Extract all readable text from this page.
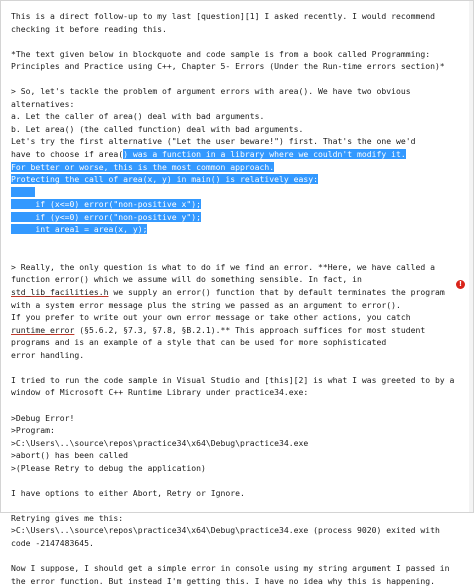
This is a direct follow-up to my last [question][1] I asked recently. I would recommend
checking it before reading this.
*The text given below in blockquote and code sample is from a book called Programming:
Principles and Practice using C++, Chapter 5- Errors (Under the Run-time errors section)*
> So, let's tackle the problem of argument errors with area(). We have two obvious
alternatives:
a. Let the caller of area() deal with bad arguments.
b. Let area() (the called function) deal with bad arguments.
Let's try the first alternative ("Let the user beware!") first. That's the one we'd
have to choose if area() was a function in a library where we couldn't modify it.
For better or worse, this is the most common approach.
Protecting the call of area(x, y) in main() is relatively easy:

if (x<=0) error("non-positive x");
if (y<=0) error("non-positive y");
int area1 = area(x, y);
> Really, the only question is what to do if we find an error. **Here, we have called a
function error() which we assume will do something sensible. In fact, in
std_lib_facilities.h we supply an error() function that by default terminates the program
with a system error message plus the string we passed as an argument to error().
If you prefer to write out your own error message or take other actions, you catch
runtime_error (§5.6.2, §7.3, §7.8, §B.2.1).** This approach suffices for most student
programs and is an example of a style that can be used for more sophisticated
error handling.
I tried to run the code sample in Visual Studio and [this][2] is what I was greeted to by a
window of Microsoft C++ Runtime Library under practice34.exe:
>Debug Error!
>Program:
>C:\Users\..\source\repos\practice34\x64\Debug\practice34.exe
>abort() has been called
>(Please Retry to debug the application)
I have options to either Abort, Retry or Ignore.
Retrying gives me this:
>C:\Users\..\source\repos\practice34\x64\Debug\practice34.exe (process 9020) exited with
code -2147483645.
Now I suppose, I should get a simple error in console using my string argument I passed in
the error function. But instead I'm getting this. I have no idea why this is happening.
!
